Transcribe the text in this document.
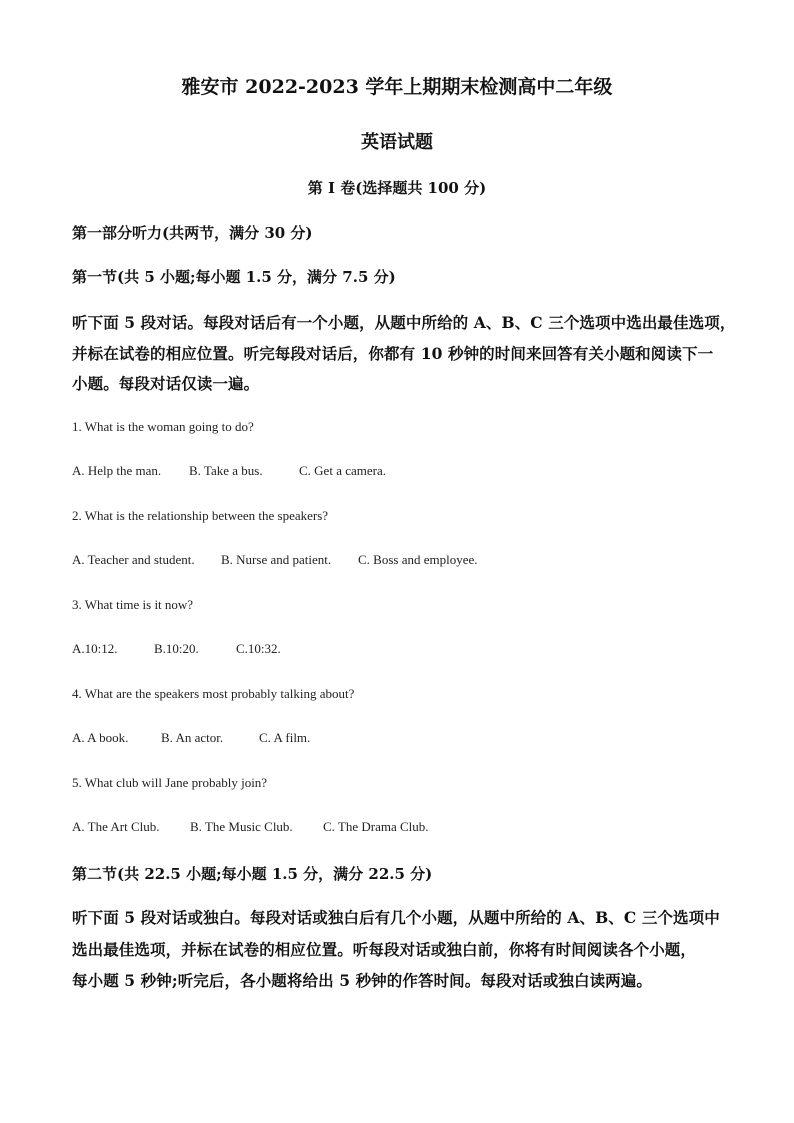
雅安市 2022-2023 学年上期期末检测高中二年级
英语试题
第 I 卷(选择题共 100 分)
第一部分听力(共两节，满分 30 分)
第一节(共 5 小题;每小题 1.5 分，满分 7.5 分)
听下面 5 段对话。每段对话后有一个小题，从题中所给的 A、B、C 三个选项中选出最佳选项，
并标在试卷的相应位置。听完每段对话后，你都有 10 秒钟的时间来回答有关小题和阅读下一
小题。每段对话仅读一遍。
1. What is the woman going to do?
A. Help the man. B. Take a bus.	C. Get a camera.
2. What is the relationship between the speakers?
A. Teacher and student. B. Nurse and patient. C. Boss and employee.
3. What time is it now?
A.10:12.	B.10:20.	C.10:32.
4. What are the speakers most probably talking about?
A. A book.	B. An actor.	C. A film.
5. What club will Jane probably join?
A. The Art Club. B. The Music Club. C. The Drama Club.
第二节(共 22.5 小题;每小题 1.5 分，满分 22.5 分)
听下面 5 段对话或独白。每段对话或独白后有几个小题，从题中所给的 A、B、C 三个选项中
选出最佳选项，并标在试卷的相应位置。听每段对话或独白前，你将有时间阅读各个小题，
每小题 5 秒钟;听完后，各小题将给出 5 秒钟的作答时间。每段对话或独白读两遍。
